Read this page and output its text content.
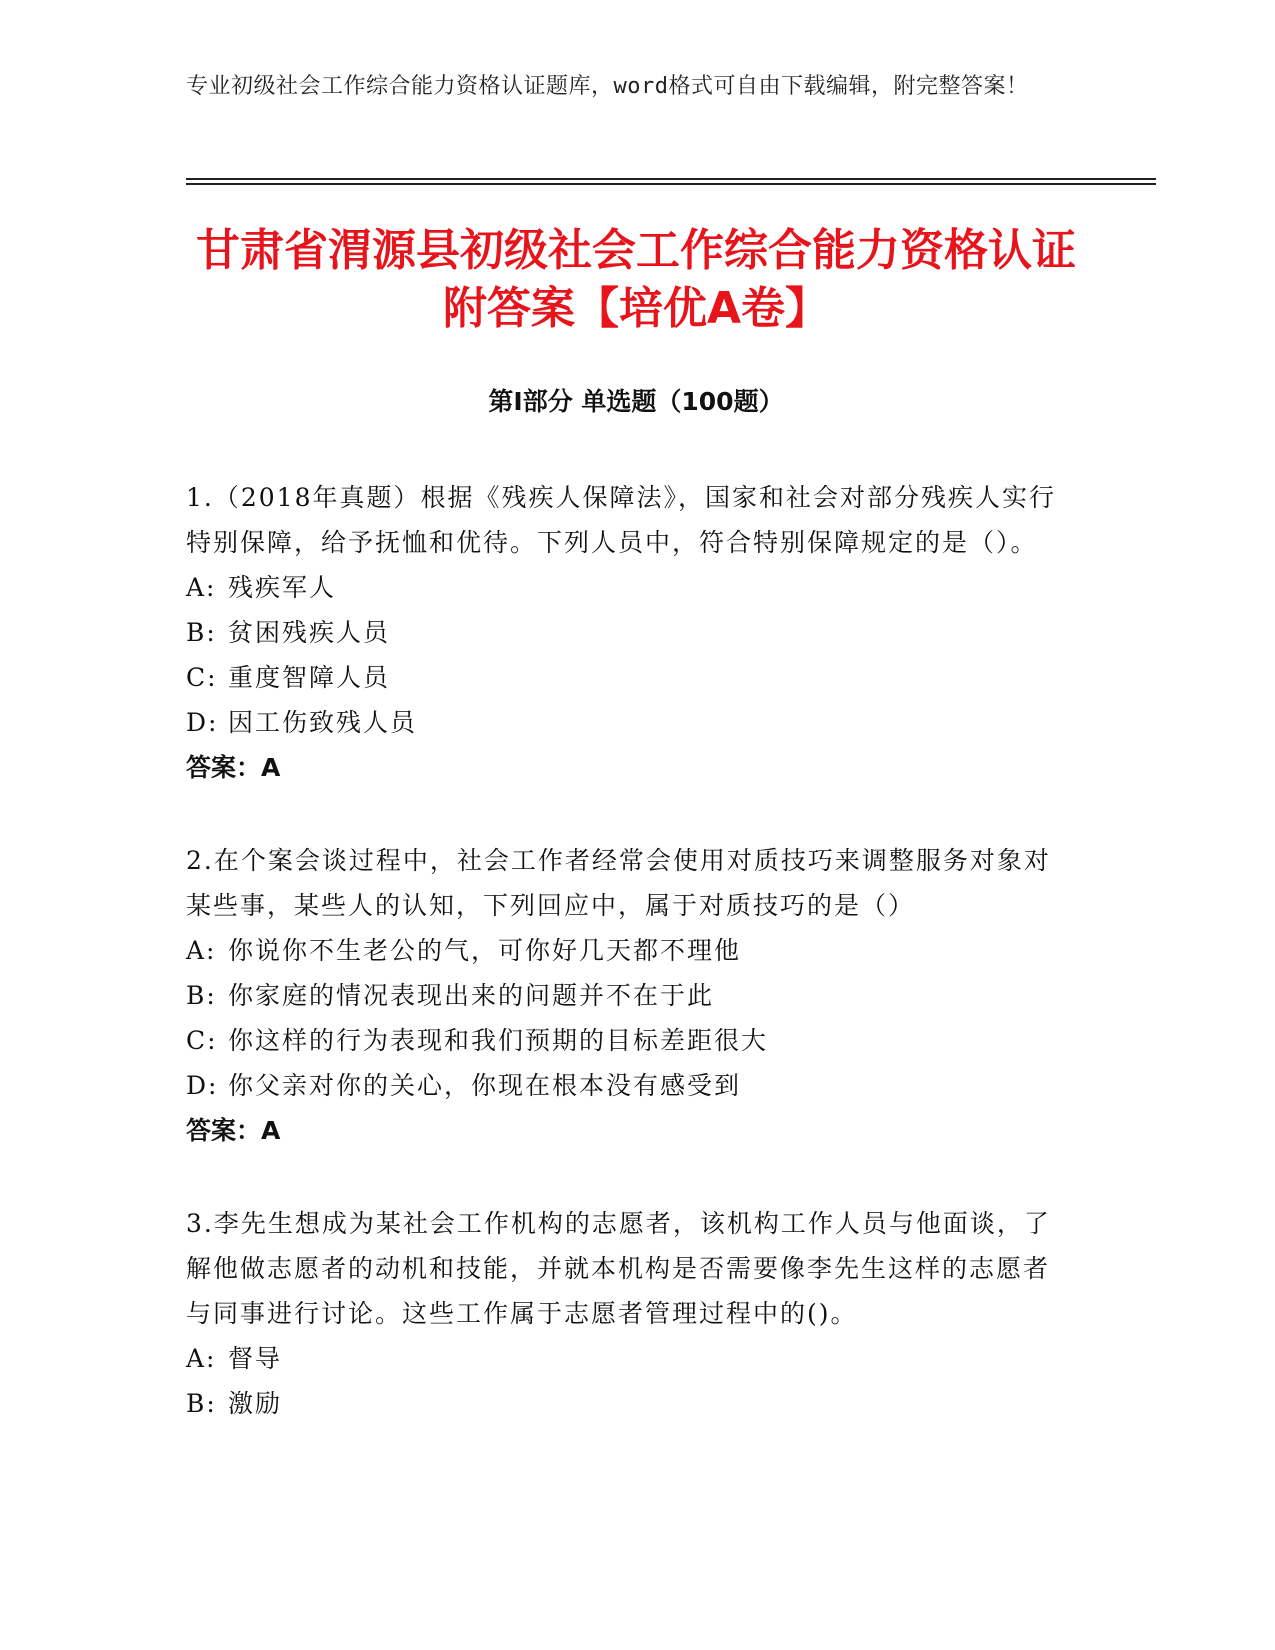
专业初级社会工作综合能力资格认证题库，word格式可自由下载编辑，附完整答案！
甘肃省渭源县初级社会工作综合能力资格认证附答案【培优A卷】
第I部分 单选题（100题）

1.（2018年真题）根据《残疾人保障法》，国家和社会对部分残疾人实行特别保障，给予抚恤和优待。下列人员中，符合特别保障规定的是（）。

A: 残疾军人

B: 贫困残疾人员

C: 重度智障人员

D: 因工伤致残人员

答案：A

2.在个案会谈过程中，社会工作者经常会使用对质技巧来调整服务对象对某些事，某些人的认知，下列回应中，属于对质技巧的是（）

A: 你说你不生老公的气，可你好几天都不理他

B: 你家庭的情况表现出来的问题并不在于此

C: 你这样的行为表现和我们预期的目标差距很大

D: 你父亲对你的关心，你现在根本没有感受到

答案：A

3.李先生想成为某社会工作机构的志愿者，该机构工作人员与他面谈，了解他做志愿者的动机和技能，并就本机构是否需要像李先生这样的志愿者与同事进行讨论。这些工作属于志愿者管理过程中的()。

A: 督导

B: 激励
